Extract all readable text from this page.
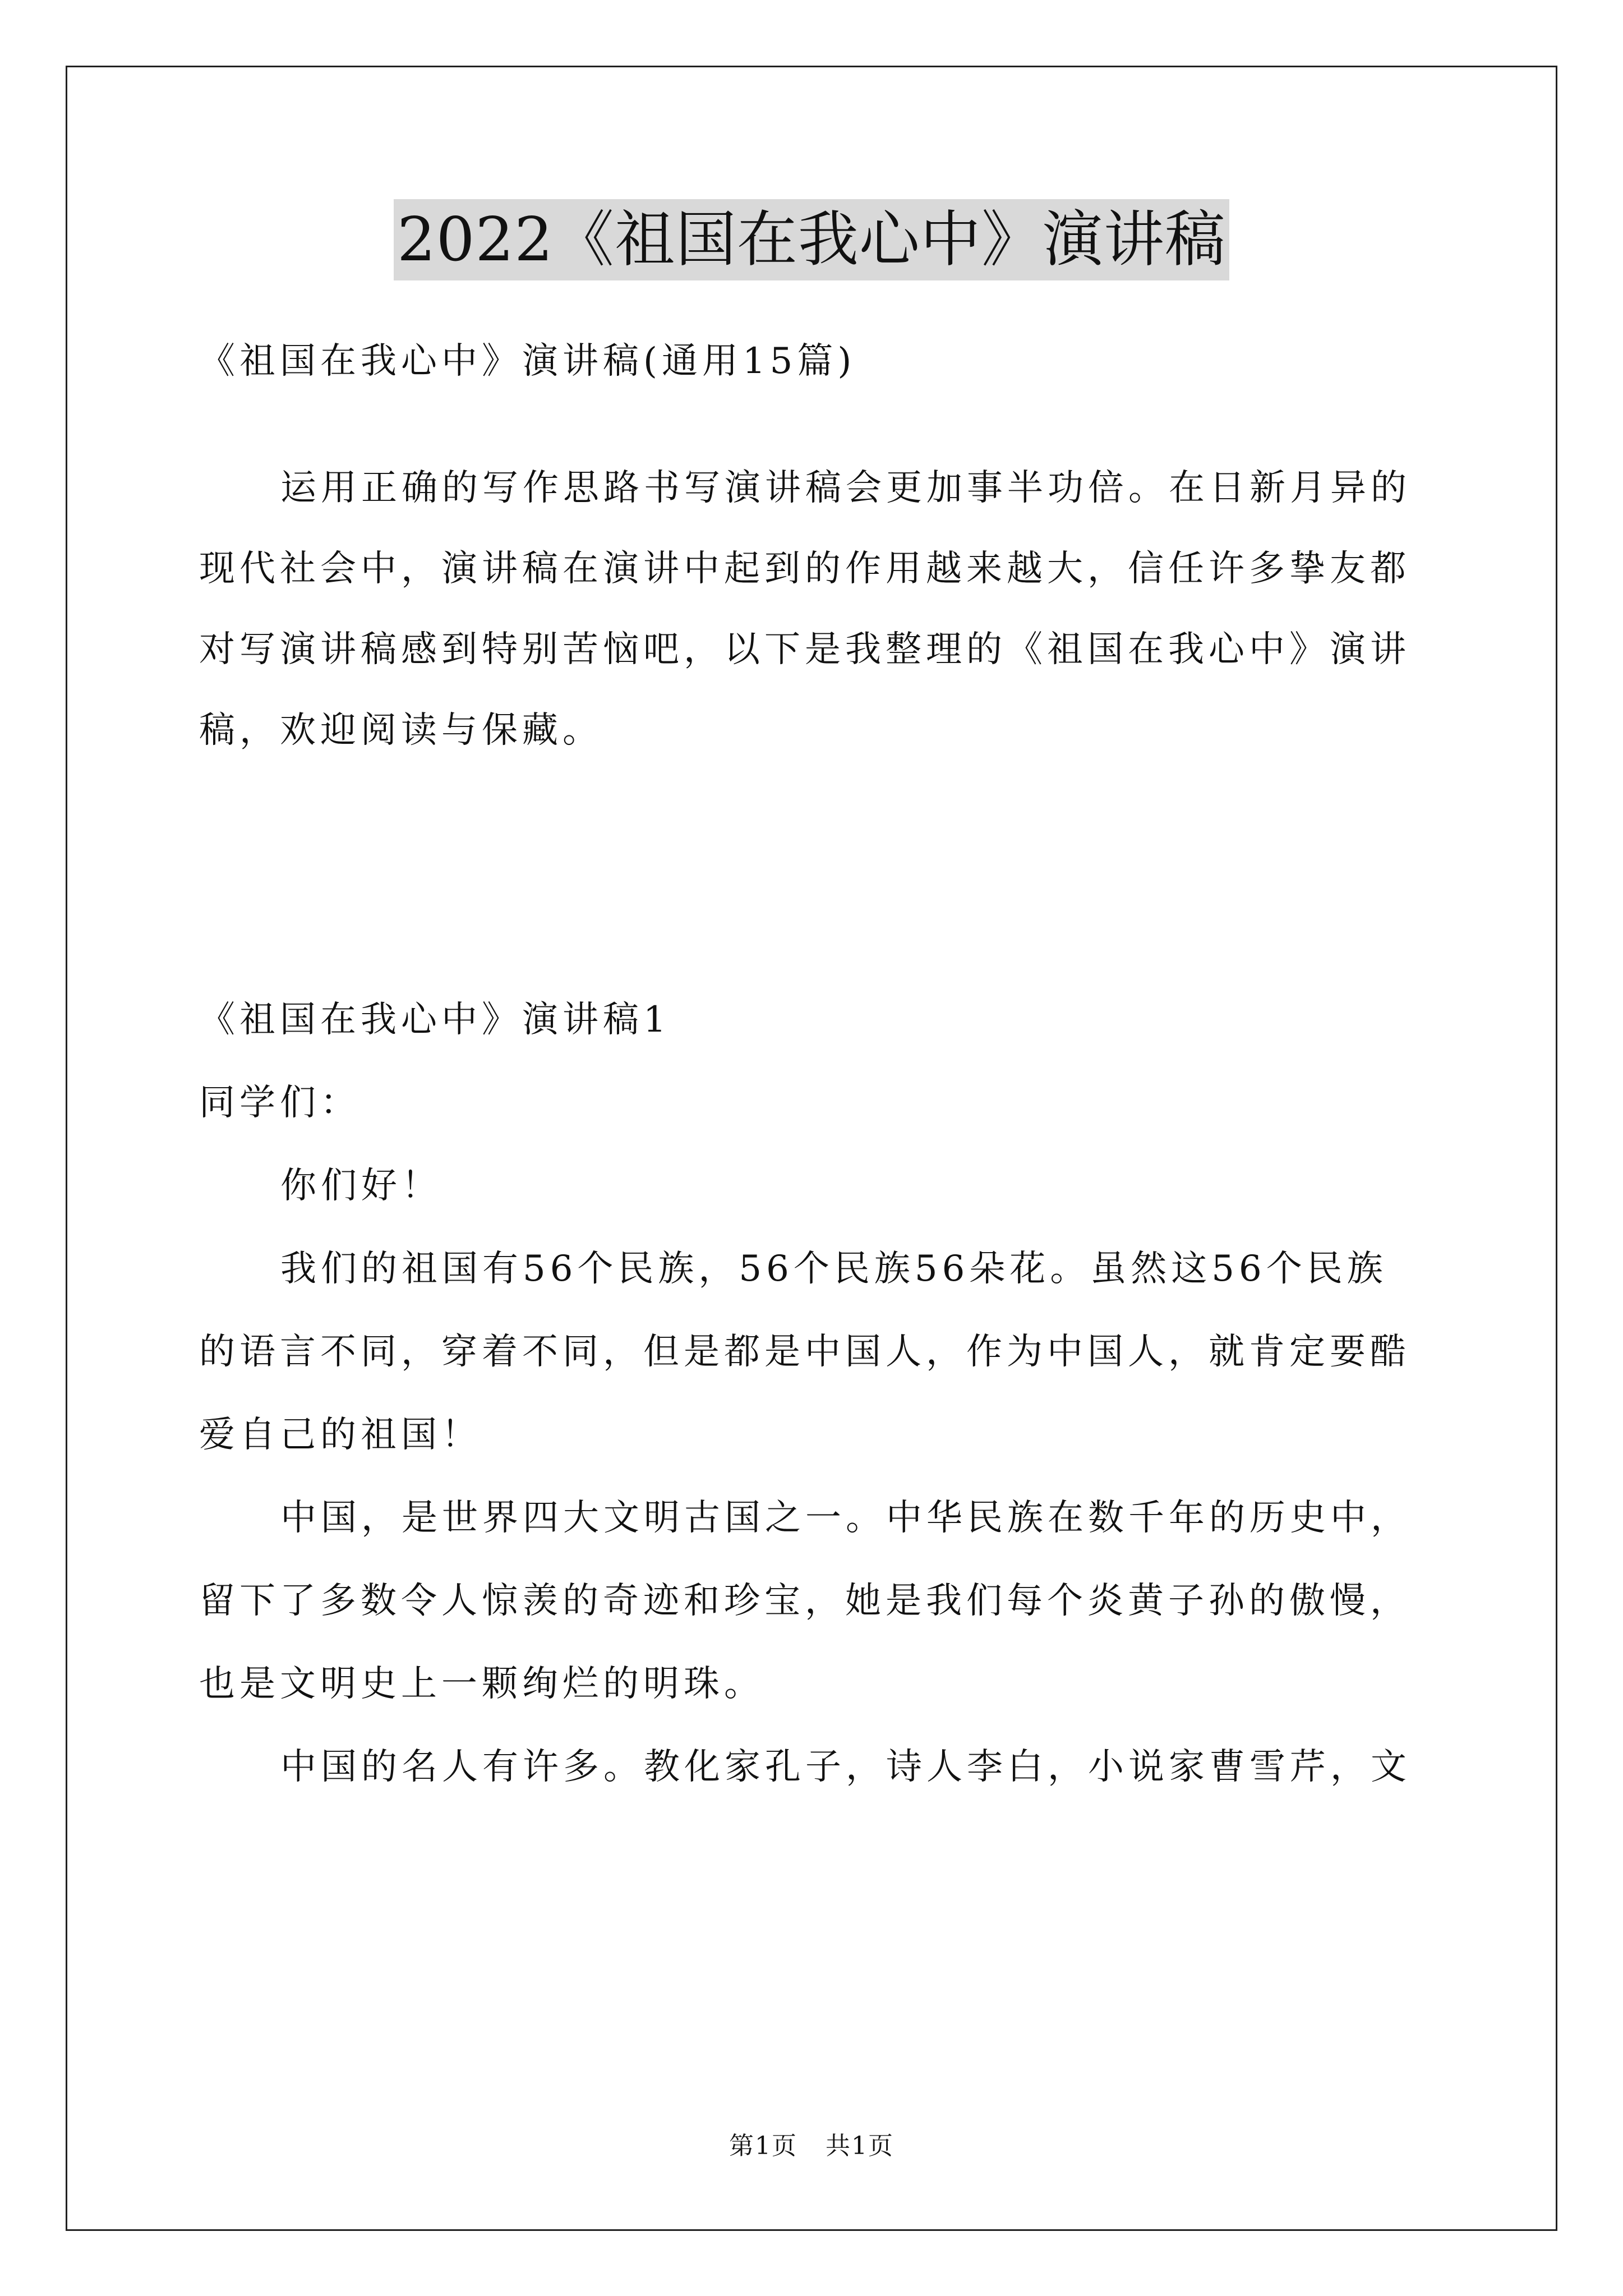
2022《祖国在我心中》演讲稿

《祖国在我心中》演讲稿(通用15篇)

运用正确的写作思路书写演讲稿会更加事半功倍。在日新月异的

现代社会中，演讲稿在演讲中起到的作用越来越大，信任许多挚友都

对写演讲稿感到特别苦恼吧，以下是我整理的《祖国在我心中》演讲

稿，欢迎阅读与保藏。

《祖国在我心中》演讲稿1

同学们：

你们好！

我们的祖国有56个民族，56个民族56朵花。虽然这56个民族

的语言不同，穿着不同，但是都是中国人，作为中国人，就肯定要酷

爱自己的祖国！

中国，是世界四大文明古国之一。中华民族在数千年的历史中，

留下了多数令人惊羡的奇迹和珍宝，她是我们每个炎黄子孙的傲慢，

也是文明史上一颗绚烂的明珠。

中国的名人有许多。教化家孔子，诗人李白，小说家曹雪芹，文

第1页 共1页
